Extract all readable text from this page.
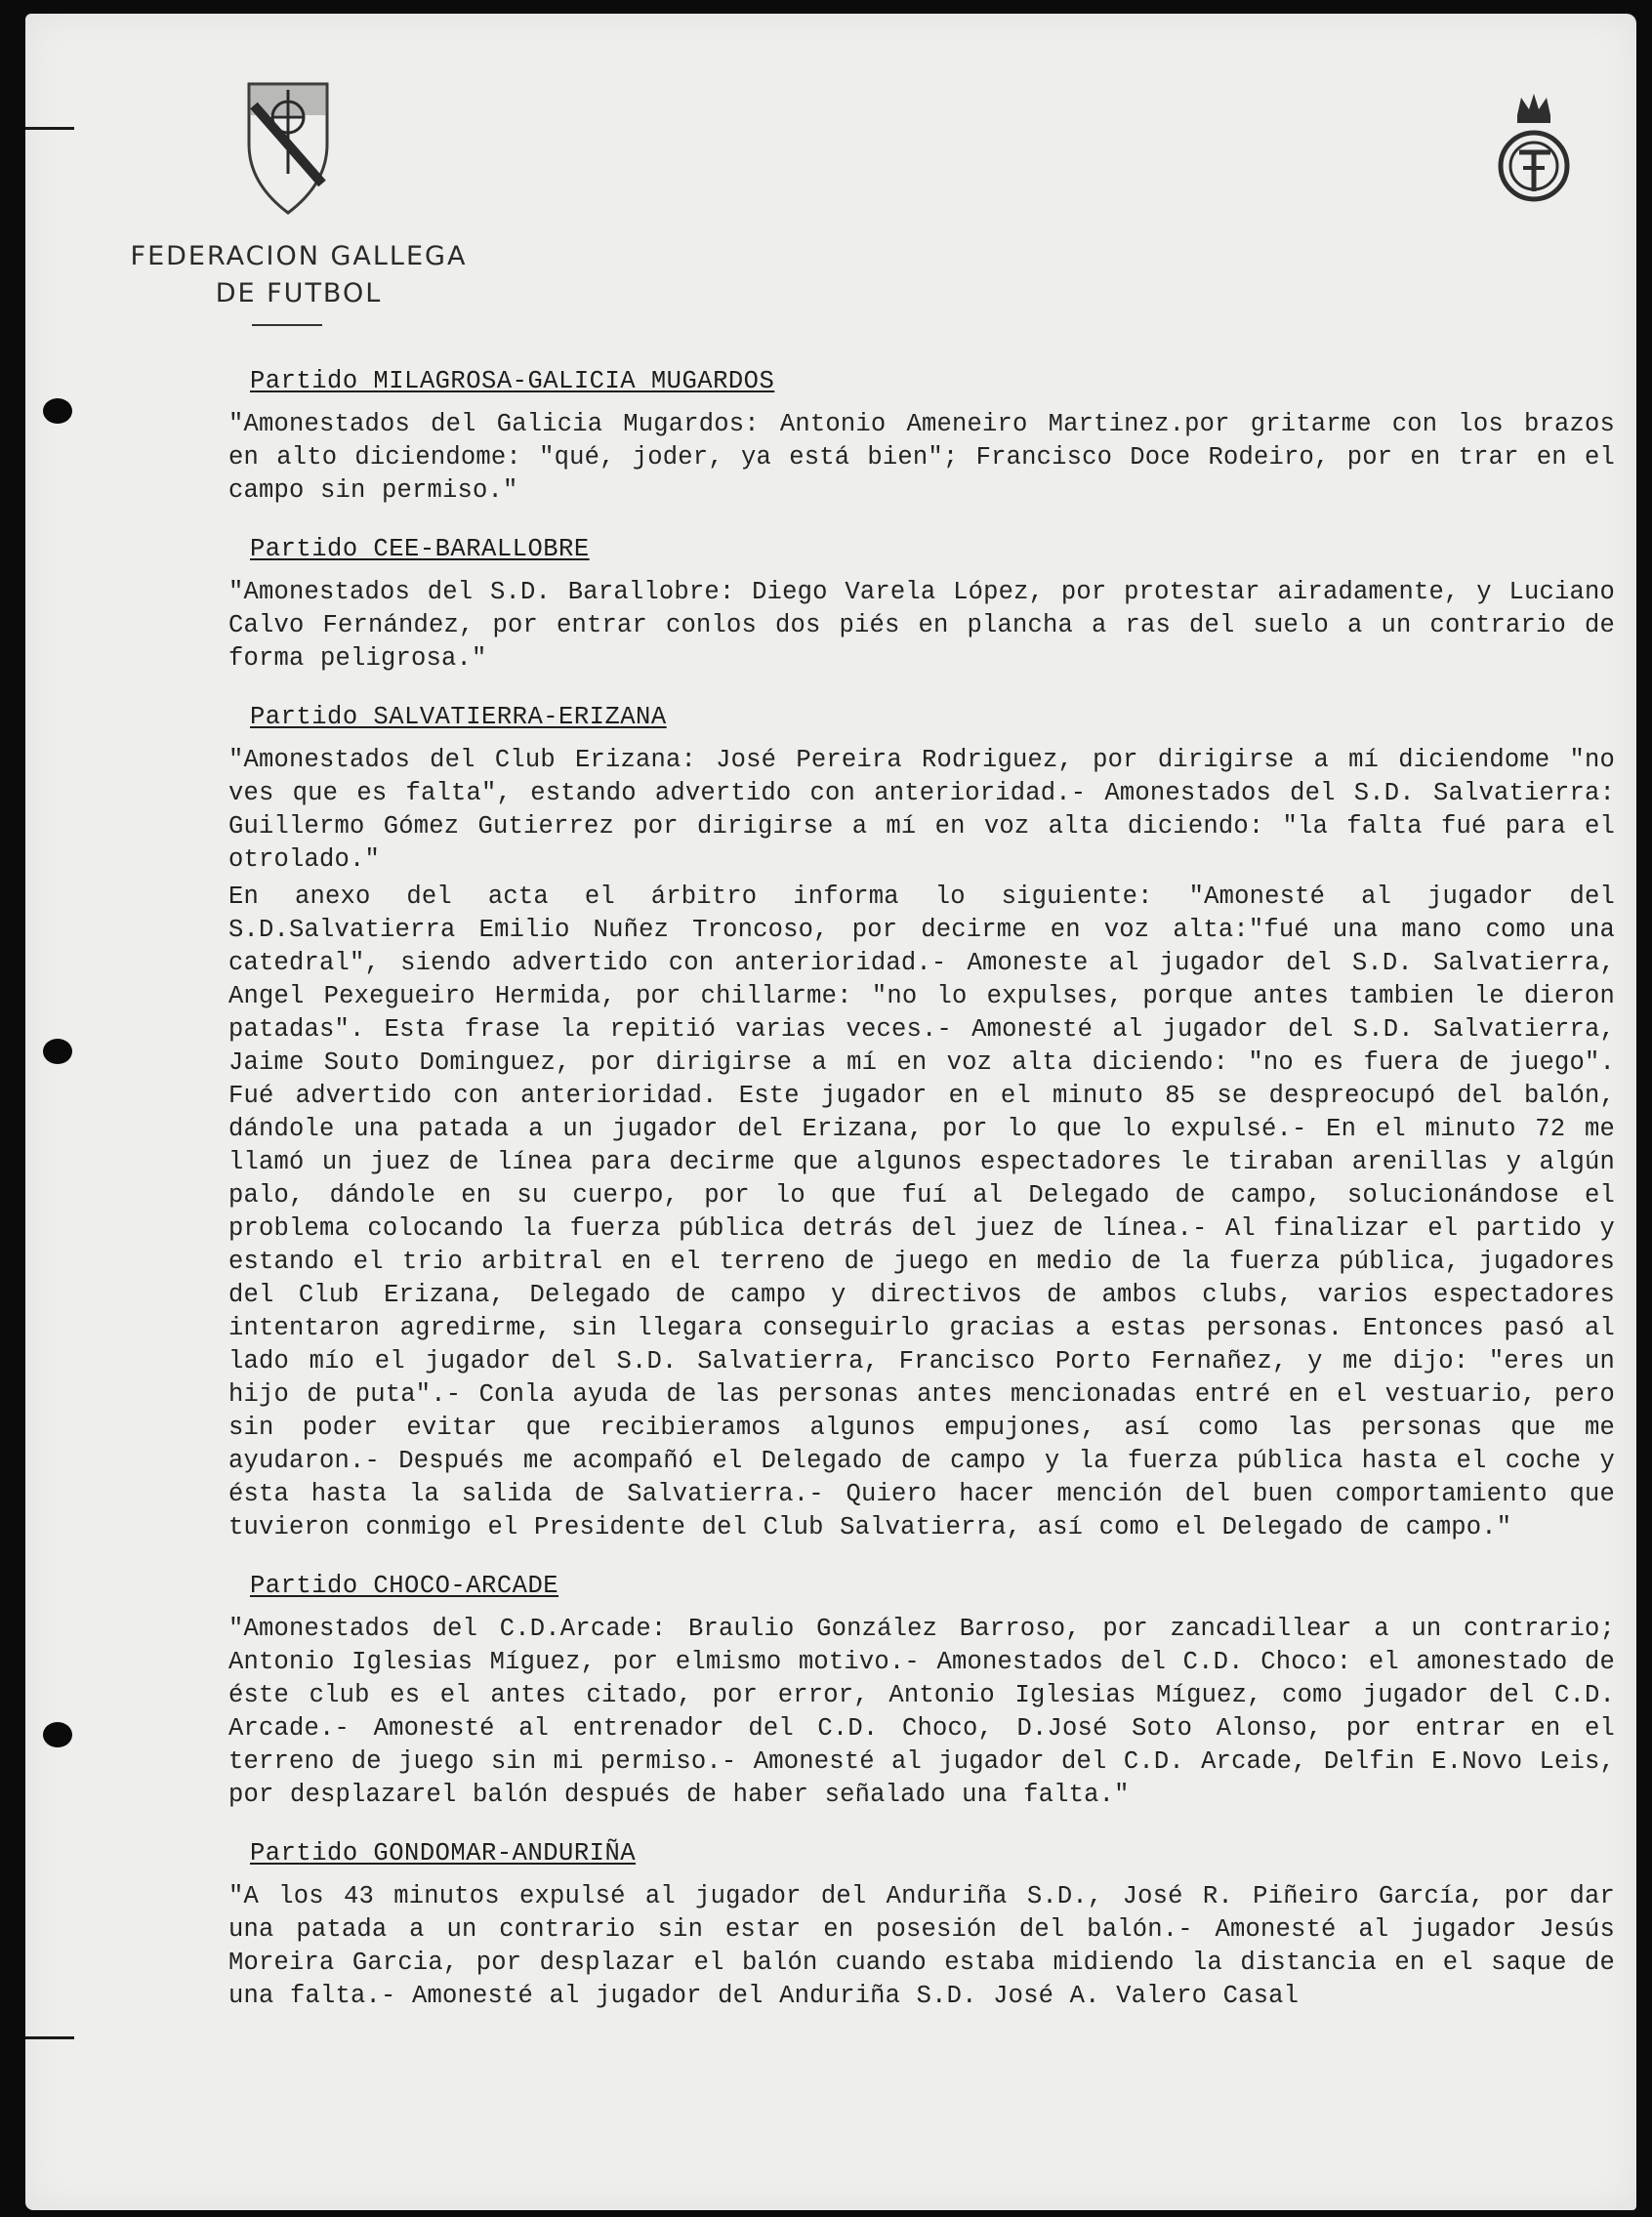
FEDERACION GALLEGA
DE FUTBOL
Partido MILAGROSA-GALICIA MUGARDOS

"Amonestados del Galicia Mugardos: Antonio Ameneiro Martinez.por gritarme con los brazos en alto diciendome: "qué, joder, ya está bien"; Francisco Doce Rodeiro, por en trar en el campo sin permiso."

Partido CEE-BARALLOBRE

"Amonestados del S.D. Barallobre: Diego Varela López, por protestar airadamente, y Luciano Calvo Fernández, por entrar conlos dos piés en plancha a ras del suelo a un contrario de forma peligrosa."

Partido SALVATIERRA-ERIZANA

"Amonestados del Club Erizana: José Pereira Rodriguez, por dirigirse a mí diciendome "no ves que es falta", estando advertido con anterioridad.- Amonestados del S.D. Salvatierra: Guillermo Gómez Gutierrez por dirigirse a mí en voz alta diciendo: "la falta fué para el otrolado."

En anexo del acta el árbitro informa lo siguiente: "Amonesté al jugador del S.D.Salvatierra Emilio Nuñez Troncoso, por decirme en voz alta:"fué una mano como una catedral", siendo advertido con anterioridad.- Amoneste al jugador del S.D. Salvatierra, Angel Pexegueiro Hermida, por chillarme: "no lo expulses, porque antes tambien le dieron patadas". Esta frase la repitió varias veces.- Amonesté al jugador del S.D. Salvatierra, Jaime Souto Dominguez, por dirigirse a mí en voz alta diciendo: "no es fuera de juego". Fué advertido con anterioridad. Este jugador en el minuto 85 se despreocupó del balón, dándole una patada a un jugador del Erizana, por lo que lo expulsé.- En el minuto 72 me llamó un juez de línea para decirme que algunos espectadores le tiraban arenillas y algún palo, dándole en su cuerpo, por lo que fuí al Delegado de campo, solucionándose el problema colocando la fuerza pública detrás del juez de línea.- Al finalizar el partido y estando el trio arbitral en el terreno de juego en medio de la fuerza pública, jugadores del Club Erizana, Delegado de campo y directivos de ambos clubs, varios espectadores intentaron agredirme, sin llegara conseguirlo gracias a estas personas. Entonces pasó al lado mío el jugador del S.D. Salvatierra, Francisco Porto Fernañez, y me dijo: "eres un hijo de puta".- Conla ayuda de las personas antes mencionadas entré en el vestuario, pero sin poder evitar que recibieramos algunos empujones, así como las personas que me ayudaron.- Después me acompañó el Delegado de campo y la fuerza pública hasta el coche y ésta hasta la salida de Salvatierra.- Quiero hacer mención del buen comportamiento que tuvieron conmigo el Presidente del Club Salvatierra, así como el Delegado de campo."

Partido CHOCO-ARCADE

"Amonestados del C.D.Arcade: Braulio González Barroso, por zancadillear a un contrario; Antonio Iglesias Míguez, por elmismo motivo.- Amonestados del C.D. Choco: el amonestado de éste club es el antes citado, por error, Antonio Iglesias Míguez, como jugador del C.D. Arcade.- Amonesté al entrenador del C.D. Choco, D.José Soto Alonso, por entrar en el terreno de juego sin mi permiso.- Amonesté al jugador del C.D. Arcade, Delfin E.Novo Leis, por desplazarel balón después de haber señalado una falta."

Partido GONDOMAR-ANDURIÑA

"A los 43 minutos expulsé al jugador del Anduriña S.D., José R. Piñeiro García, por dar una patada a un contrario sin estar en posesión del balón.- Amonesté al jugador Jesús Moreira Garcia, por desplazar el balón cuando estaba midiendo la distancia en el saque de una falta.- Amonesté al jugador del Anduriña S.D. José A. Valero Casal
